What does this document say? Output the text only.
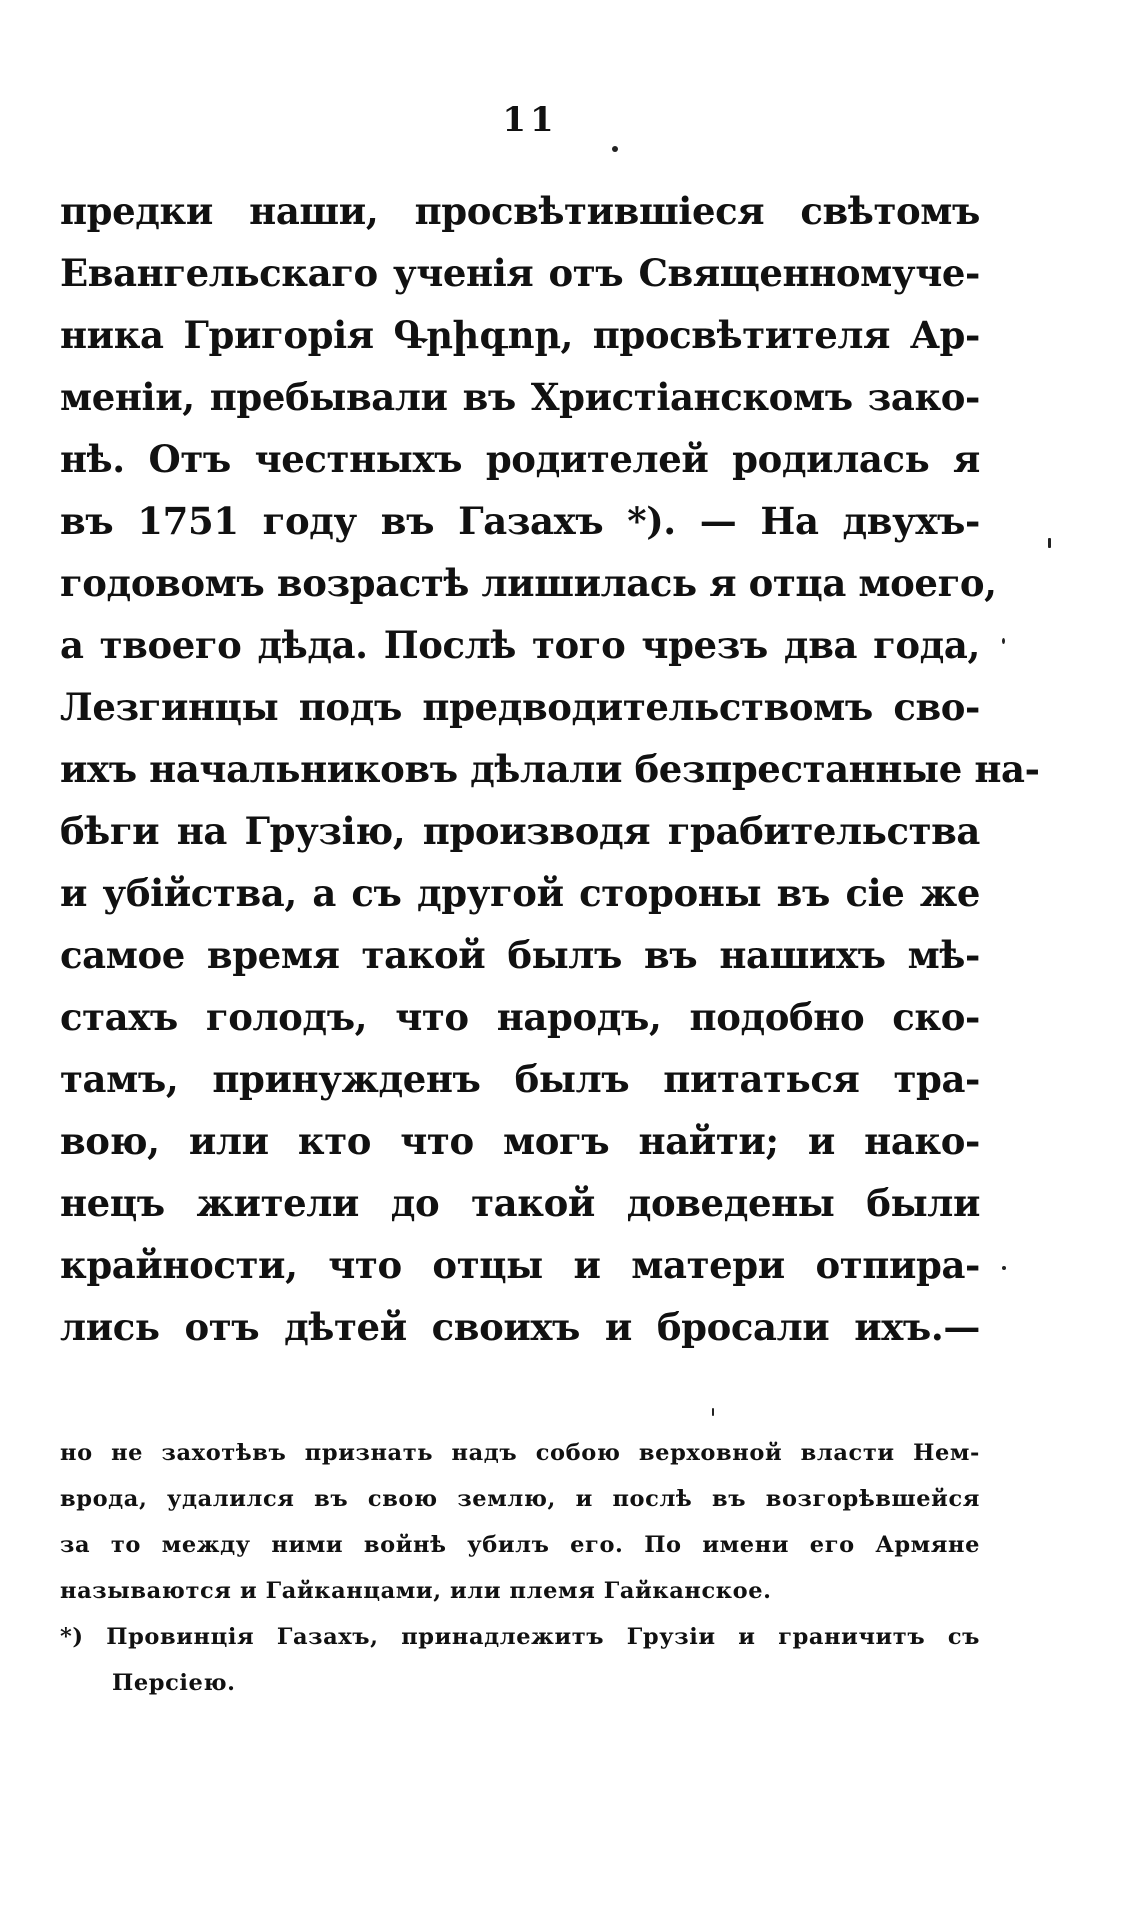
11
предки наши, просвѣтившіеся свѣтомъ
Евангельскаго ученія отъ Священномуче-
ника Григорія Գրիգոր, просвѣтителя Ар-
менiи, пребывали въ Христіанскомъ зако-
нѣ. Отъ честныхъ родителей родилась я
въ 1751 году въ Газахъ *). — На двухъ-
годовомъ возрастѣ лишилась я отца моего,
а твоего дѣда. Послѣ того чрезъ два года,
Лезгинцы подъ предводительствомъ сво-
ихъ начальниковъ дѣлали безпрестанные на-
бѣги на Грузію, производя грабительства
и убійства, а съ другой стороны въ сіе же
самое время такой былъ въ нашихъ мѣ-
стахъ голодъ, что народъ, подобно ско-
тамъ, принужденъ былъ питаться тра-
вою, или кто что могъ найти; и нако-
нецъ жители до такой доведены были
крайности, что отцы и матери отпира-
лись отъ дѣтей своихъ и бросали ихъ.—
но не захотѣвъ признать надъ собою верховной власти Нем-
врода, удалился въ свою землю, и послѣ въ возгорѣвшейся
за то между ними войнѣ убилъ его. По имени его Армяне
называются и Гайканцами, или племя Гайканское.
*) Провинція Газахъ, принадлежитъ Грузіи и граничитъ съ
Персіею.
